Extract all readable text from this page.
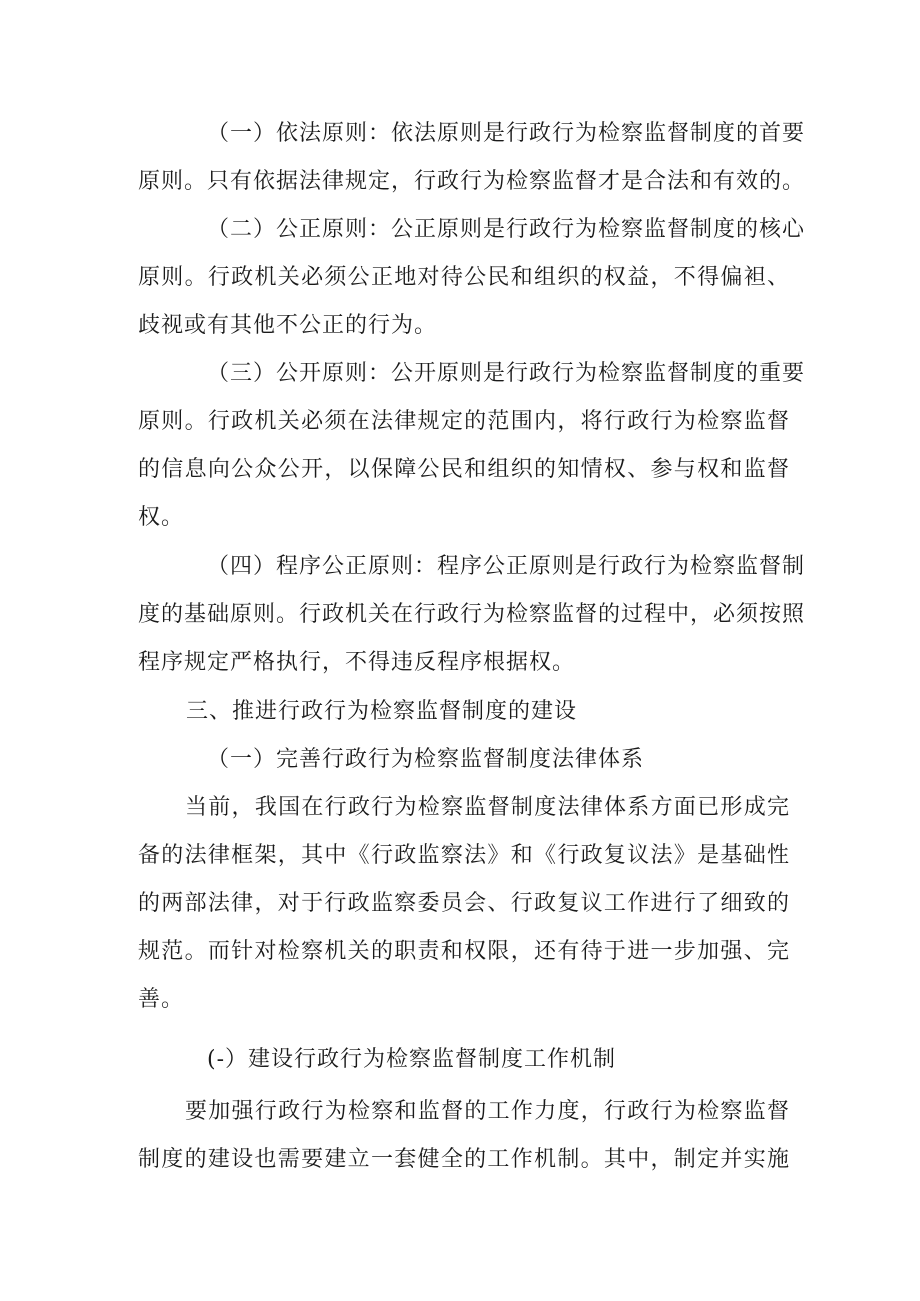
（一）依法原则：依法原则是行政行为检察监督制度的首要
原则。只有依据法律规定，行政行为检察监督才是合法和有效的。
（二）公正原则：公正原则是行政行为检察监督制度的核心
原则。行政机关必须公正地对待公民和组织的权益，不得偏袒、
歧视或有其他不公正的行为。
（三）公开原则：公开原则是行政行为检察监督制度的重要
原则。行政机关必须在法律规定的范围内，将行政行为检察监督
的信息向公众公开，以保障公民和组织的知情权、参与权和监督
权。
（四）程序公正原则：程序公正原则是行政行为检察监督制
度的基础原则。行政机关在行政行为检察监督的过程中，必须按照
程序规定严格执行，不得违反程序根据权。
三、推进行政行为检察监督制度的建设
（一）完善行政行为检察监督制度法律体系
当前，我国在行政行为检察监督制度法律体系方面已形成完
备的法律框架，其中《行政监察法》和《行政复议法》是基础性
的两部法律，对于行政监察委员会、行政复议工作进行了细致的
规范。而针对检察机关的职责和权限，还有待于进一步加强、完
善。
(-）建设行政行为检察监督制度工作机制
要加强行政行为检察和监督的工作力度，行政行为检察监督
制度的建设也需要建立一套健全的工作机制。其中，制定并实施
